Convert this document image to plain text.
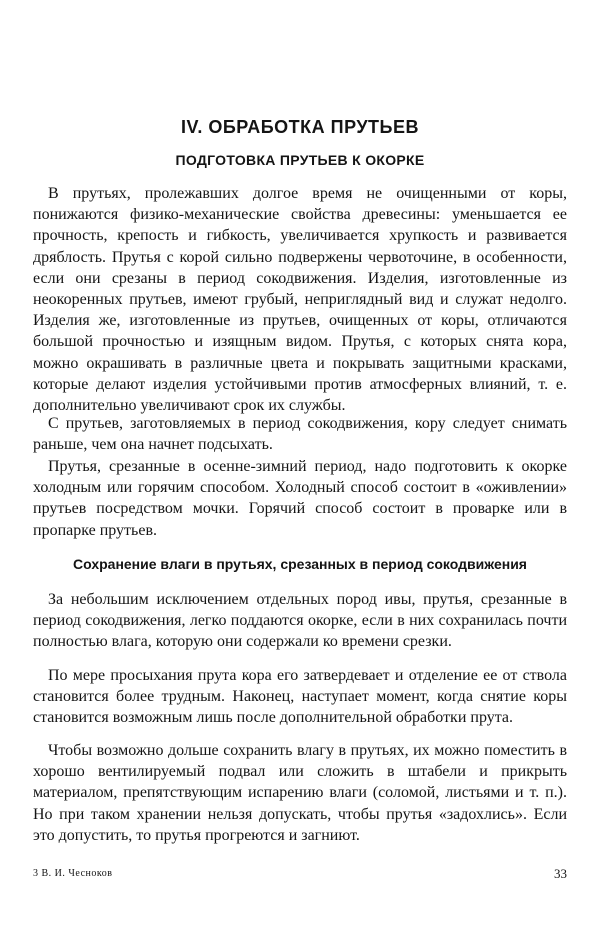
IV. ОБРАБОТКА ПРУТЬЕВ
ПОДГОТОВКА ПРУТЬЕВ К ОКОРКЕ

В прутьях, пролежавших долгое время не очищенными от коры, понижаются физико-механические свойства древесины: уменьшается ее прочность, крепость и гибкость, увеличивается хрупкость и развивается дряблость. Прутья с корой сильно подвержены червоточине, в особенности, если они срезаны в период сокодвижения. Изделия, изготовленные из неокоренных прутьев, имеют грубый, неприглядный вид и служат недолго. Изделия же, изготовленные из прутьев, очищенных от коры, отличаются большой прочностью и изящным видом. Прутья, с которых снята кора, можно окрашивать в различные цвета и покрывать защитными красками, которые делают изделия устойчивыми против атмосферных влияний, т. е. дополнительно увеличивают срок их службы.

С прутьев, заготовляемых в период сокодвижения, кору следует снимать раньше, чем она начнет подсыхать.

Прутья, срезанные в осенне-зимний период, надо подготовить к окорке холодным или горячим способом. Холодный способ состоит в «оживлении» прутьев посредством мочки. Горячий способ состоит в проварке или в пропарке прутьев.

Сохранение влаги в прутьях, срезанных в период сокодвижения

За небольшим исключением отдельных пород ивы, прутья, срезанные в период сокодвижения, легко поддаются окорке, если в них сохранилась почти полностью влага, которую они содержали ко времени срезки.

По мере просыхания прута кора его затвердевает и отделение ее от ствола становится более трудным. Наконец, наступает момент, когда снятие коры становится возможным лишь после дополнительной обработки прута.

Чтобы возможно дольше сохранить влагу в прутьях, их можно поместить в хорошо вентилируемый подвал или сложить в штабели и прикрыть материалом, препятствующим испарению влаги (соломой, листьями и т. п.). Но при таком хранении нельзя допускать, чтобы прутья «задохлись». Если это допустить, то прутья прогреются и загниют.

3 В. И. Чесноков	33
